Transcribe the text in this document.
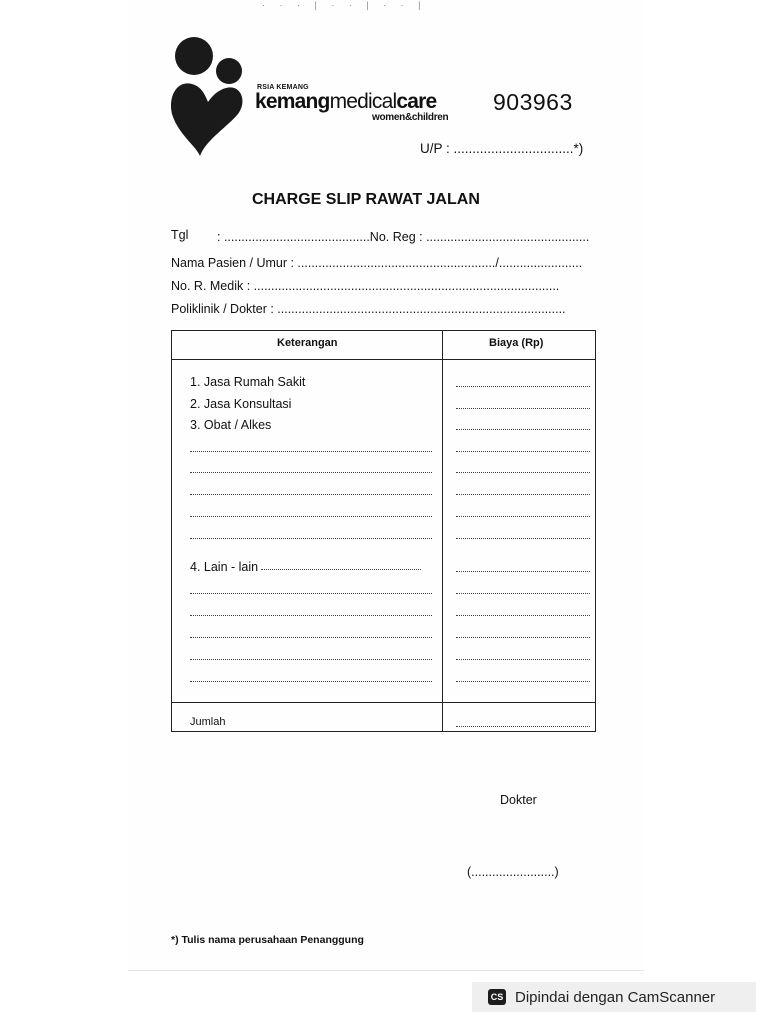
· · · | · · | · · |
RSIA KEMANG
kemangmedicalcare
women&children
903963
U/P : ................................*)
CHARGE SLIP RAWAT JALAN
Tgl : ..........................................No. Reg : ...............................................
Nama Pasien / Umur : ........................................................./........................
No. R. Medik : ........................................................................................
Poliklinik / Dokter : ...................................................................................
Keterangan	Biaya (Rp)
1. Jasa Rumah Sakit
2. Jasa Konsultasi
3. Obat / Alkes
4. Lain - lain
Jumlah
Dokter
(........................)
*) Tulis nama perusahaan Penanggung
CS Dipindai dengan CamScanner
